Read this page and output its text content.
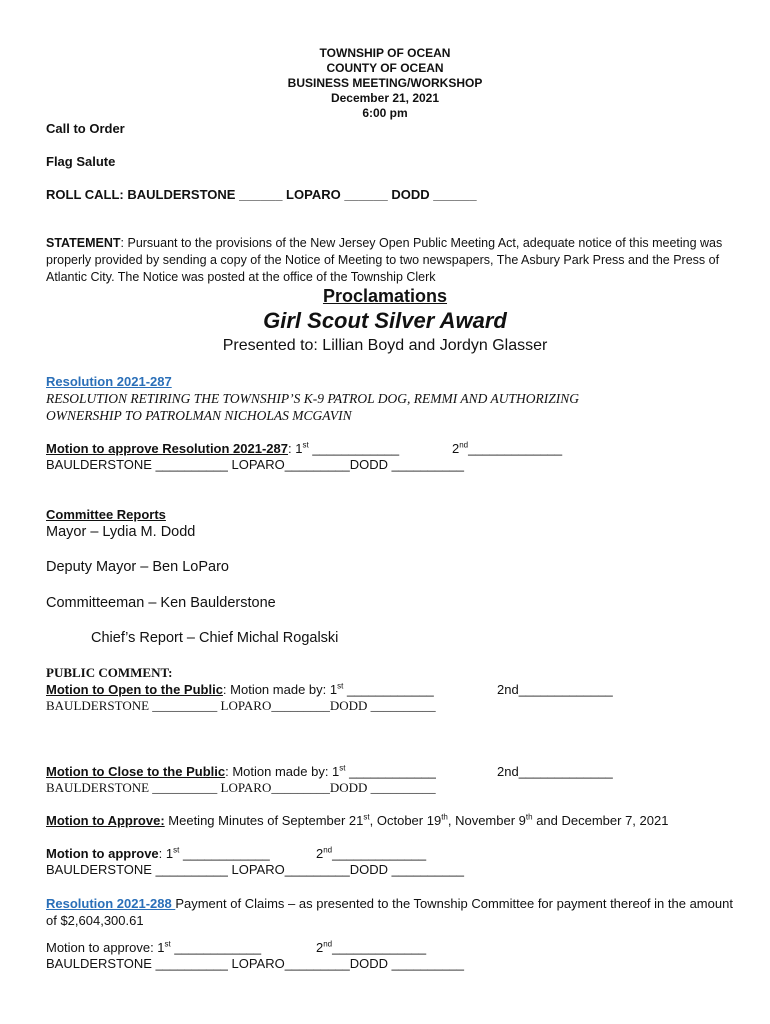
TOWNSHIP OF OCEAN
COUNTY OF OCEAN
BUSINESS MEETING/WORKSHOP
December 21, 2021
6:00 pm
Call to Order
Flag Salute
ROLL CALL: BAULDERSTONE ______ LOPARO ______ DODD ______
STATEMENT: Pursuant to the provisions of the New Jersey Open Public Meeting Act, adequate notice of this meeting was properly provided by sending a copy of the Notice of Meeting to two newspapers, The Asbury Park Press and the Press of Atlantic City. The Notice was posted at the office of the Township Clerk
Proclamations
Girl Scout Silver Award
Presented to: Lillian Boyd and Jordyn Glasser
Resolution 2021-287
RESOLUTION RETIRING THE TOWNSHIP’S K-9 PATROL DOG, REMMI AND AUTHORIZING
OWNERSHIP TO PATROLMAN NICHOLAS MCGAVIN
Motion to approve Resolution 2021-287: 1st ____________	2nd_____________
BAULDERSTONE __________ LOPARO_________DODD __________
Committee Reports
Mayor – Lydia M. Dodd
Deputy Mayor – Ben LoParo
Committeeman – Ken Baulderstone
Chief’s Report – Chief Michal Rogalski
PUBLIC COMMENT:
Motion to Open to the Public: Motion made by: 1st ____________	2nd_____________
BAULDERSTONE __________ LOPARO_________DODD __________
Motion to Close to the Public: Motion made by: 1st ____________	2nd_____________
BAULDERSTONE __________ LOPARO_________DODD __________
Motion to Approve: Meeting Minutes of September 21st, October 19th, November 9th and December 7, 2021
Motion to approve: 1st ____________	2nd_____________
BAULDERSTONE __________ LOPARO_________DODD __________
Resolution 2021-288 Payment of Claims – as presented to the Township Committee for payment thereof in the amount of $2,604,300.61
Motion to approve: 1st ____________	2nd_____________
BAULDERSTONE __________ LOPARO_________DODD __________
